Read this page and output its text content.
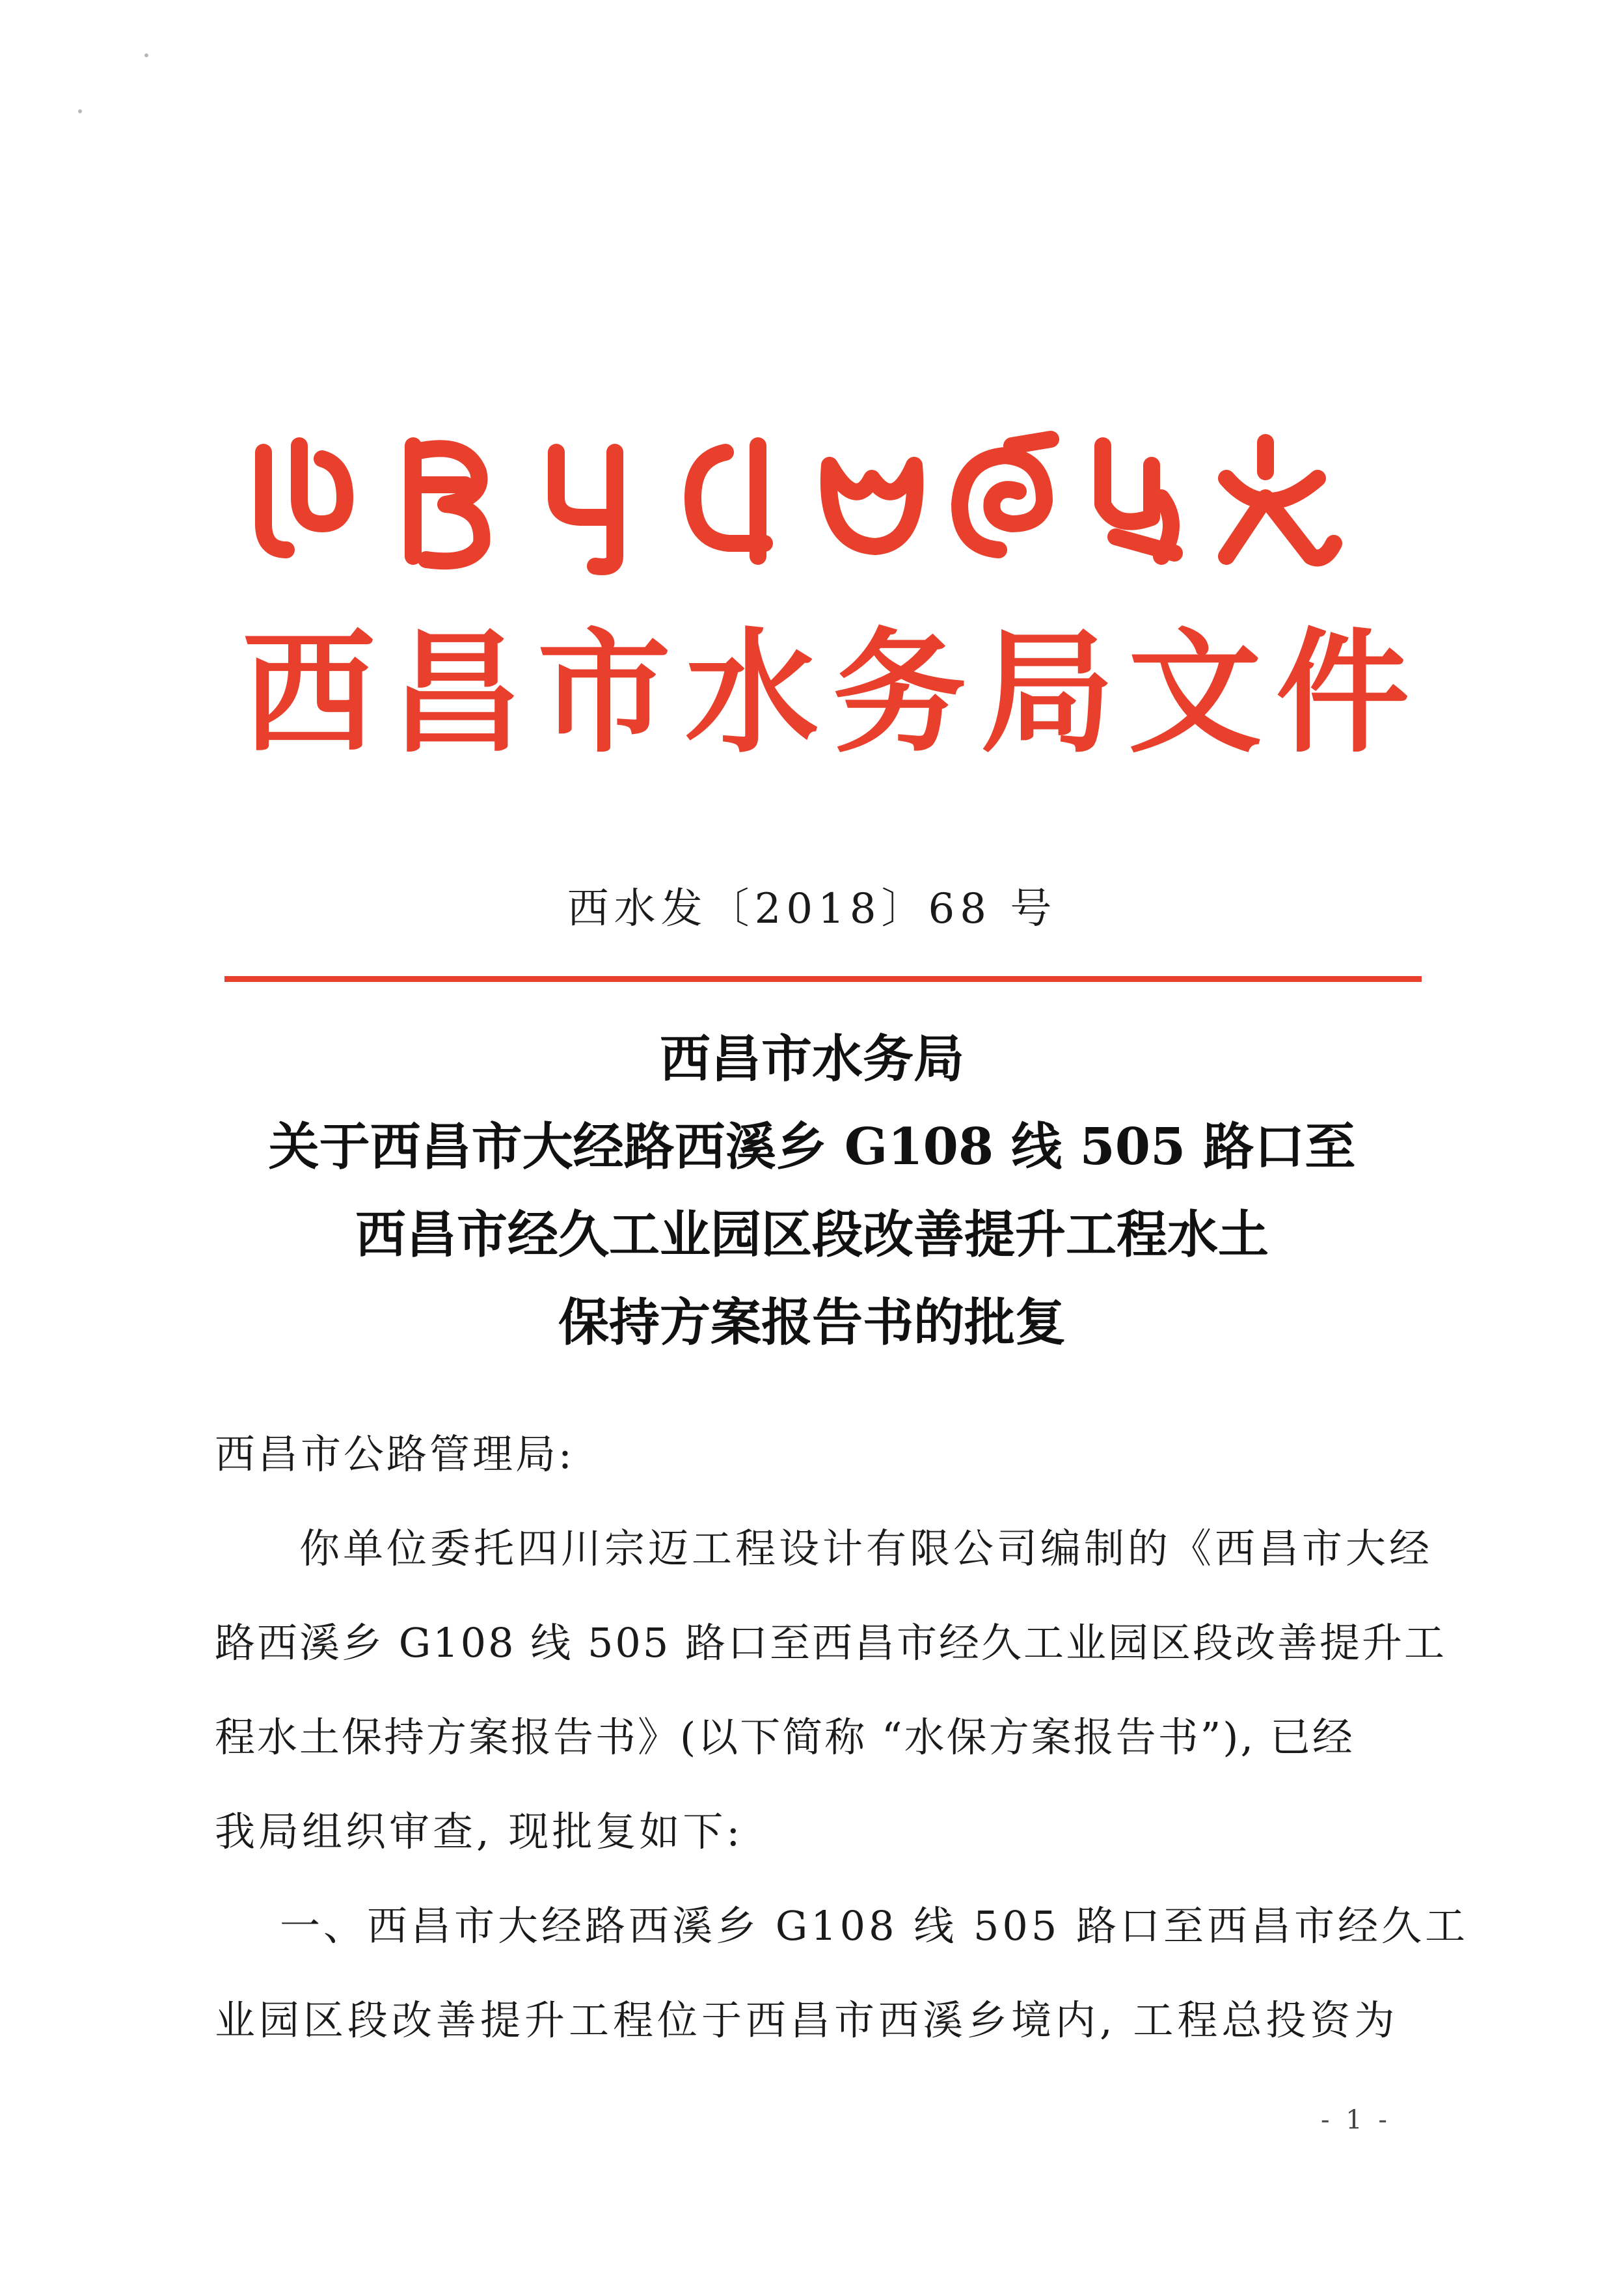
西昌市水务局文件
西水发〔2018〕68 号
西昌市水务局
关于西昌市大经路西溪乡 G108 线 505 路口至
西昌市经久工业园区段改善提升工程水土
保持方案报告书的批复
西昌市公路管理局:
你单位委托四川宗迈工程设计有限公司编制的《西昌市大经
路西溪乡 G108 线 505 路口至西昌市经久工业园区段改善提升工
程水土保持方案报告书》(以下简称 “水保方案报告书”), 已经
我局组织审查, 现批复如下:
一、西昌市大经路西溪乡 G108 线 505 路口至西昌市经久工
业园区段改善提升工程位于西昌市西溪乡境内, 工程总投资为
- 1 -
